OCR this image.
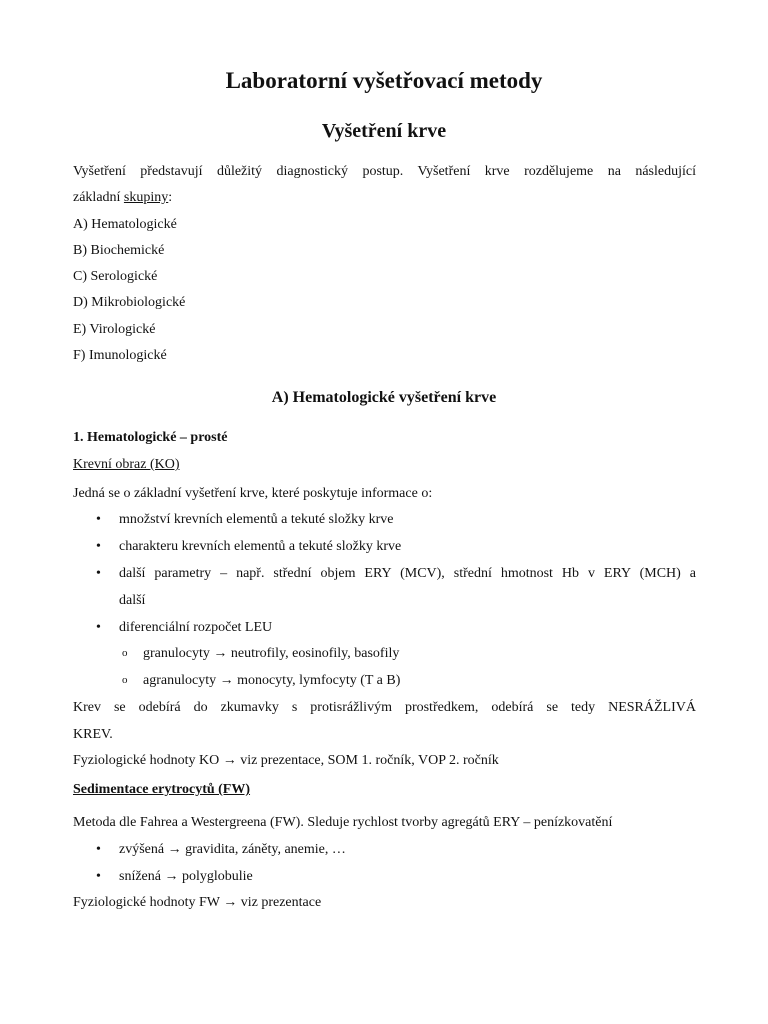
Laboratorní vyšetřovací metody
Vyšetření krve
Vyšetření představují důležitý diagnostický postup. Vyšetření krve rozdělujeme na následující
základní skupiny:
A) Hematologické
B) Biochemické
C) Serologické
D) Mikrobiologické
E) Virologické
F) Imunologické
A) Hematologické vyšetření krve
1. Hematologické – prosté
Krevní obraz (KO)
Jedná se o základní vyšetření krve, které poskytuje informace o:
• množství krevních elementů a tekuté složky krve
• charakteru krevních elementů a tekuté složky krve
• další parametry – např. střední objem ERY (MCV), střední hmotnost Hb v ERY (MCH) a
další
• diferenciální rozpočet LEU
o granulocyty → neutrofily, eosinofily, basofily
o agranulocyty → monocyty, lymfocyty (T a B)
Krev se odebírá do zkumavky s protisrážlivým prostředkem, odebírá se tedy NESRÁŽLIVÁ
KREV.
Fyziologické hodnoty KO → viz prezentace, SOM 1. ročník, VOP 2. ročník
Sedimentace erytrocytů (FW)
Metoda dle Fahrea a Westergreena (FW). Sleduje rychlost tvorby agregátů ERY – penízkovatění
• zvýšená → gravidita, záněty, anemie, …
• snížená → polyglobulie
Fyziologické hodnoty FW → viz prezentace
